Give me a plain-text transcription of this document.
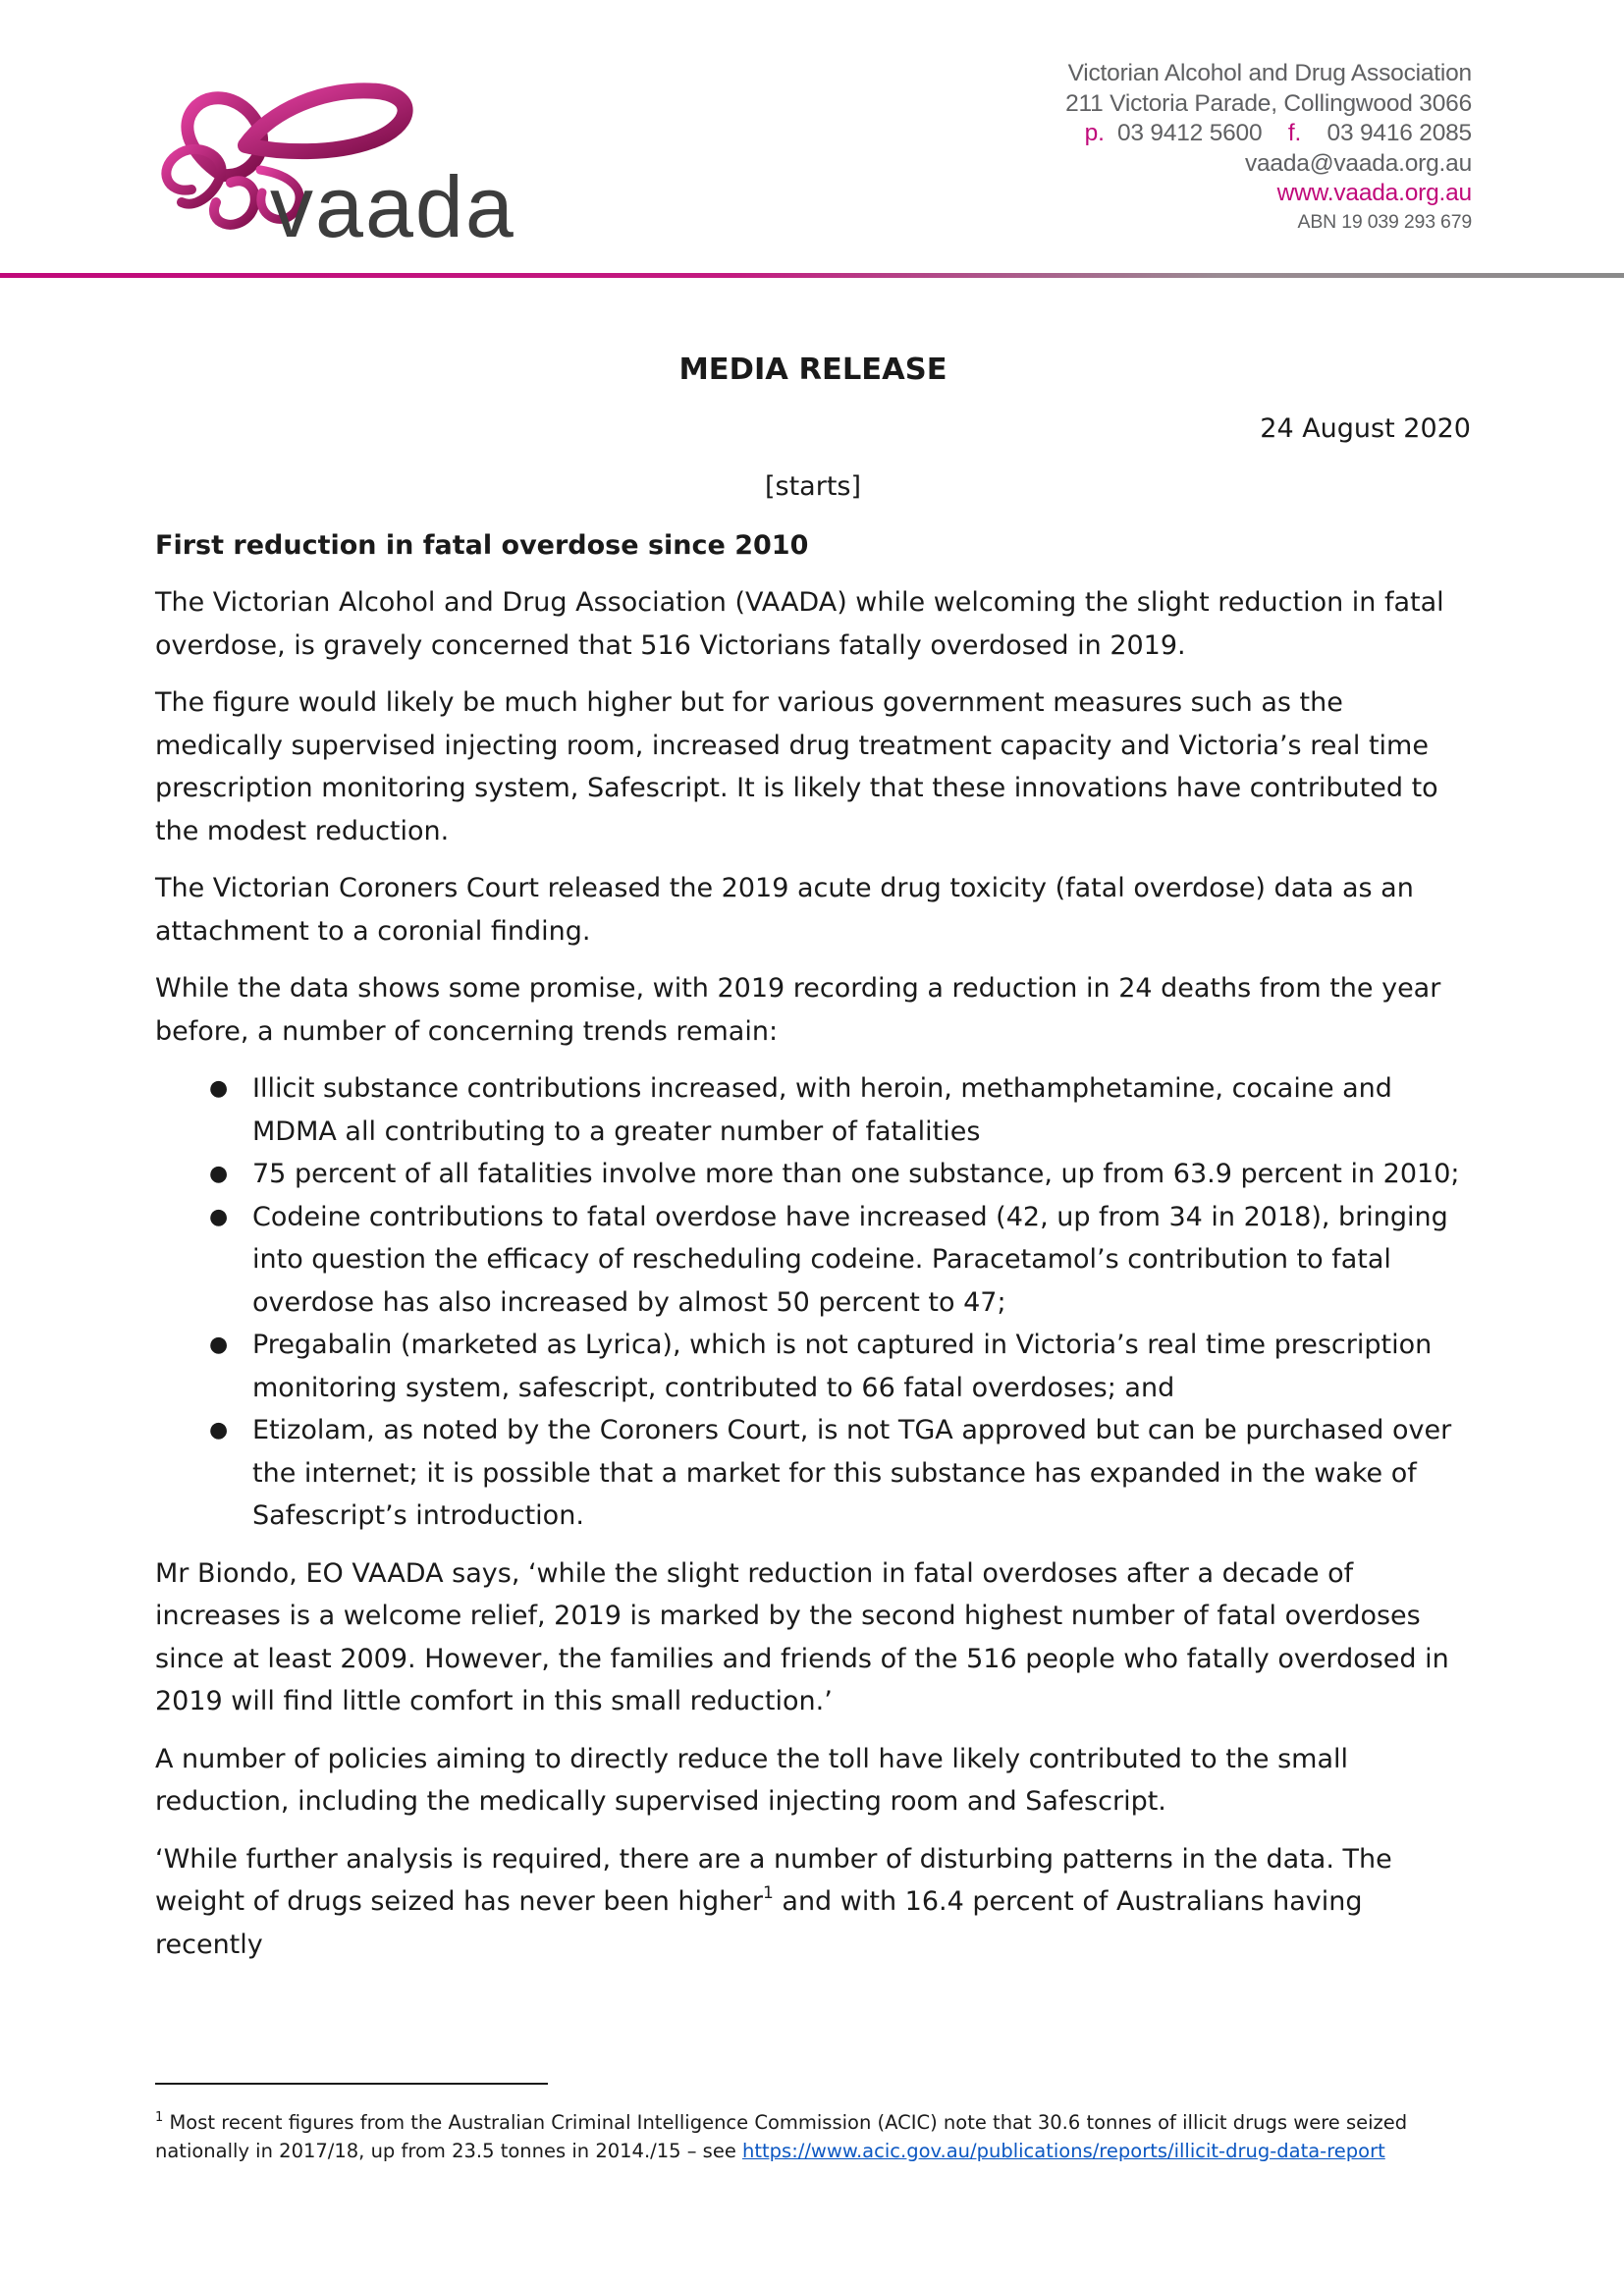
vaada
Victorian Alcohol and Drug Association
211 Victoria Parade, Collingwood 3066
p. 03 9412 5600 f. 03 9416 2085
vaada@vaada.org.au
www.vaada.org.au
ABN 19 039 293 679

MEDIA RELEASE

24 August 2020

[starts]

First reduction in fatal overdose since 2010

The Victorian Alcohol and Drug Association (VAADA) while welcoming the slight reduction in fatal overdose, is gravely concerned that 516 Victorians fatally overdosed in 2019.

The figure would likely be much higher but for various government measures such as the medically supervised injecting room, increased drug treatment capacity and Victoria’s real time prescription monitoring system, Safescript. It is likely that these innovations have contributed to the modest reduction.

The Victorian Coroners Court released the 2019 acute drug toxicity (fatal overdose) data as an attachment to a coronial finding.

While the data shows some promise, with 2019 recording a reduction in 24 deaths from the year before, a number of concerning trends remain:

● Illicit substance contributions increased, with heroin, methamphetamine, cocaine and MDMA all contributing to a greater number of fatalities
● 75 percent of all fatalities involve more than one substance, up from 63.9 percent in 2010;
● Codeine contributions to fatal overdose have increased (42, up from 34 in 2018), bringing into question the efficacy of rescheduling codeine. Paracetamol’s contribution to fatal overdose has also increased by almost 50 percent to 47;
● Pregabalin (marketed as Lyrica), which is not captured in Victoria’s real time prescription monitoring system, safescript, contributed to 66 fatal overdoses; and
● Etizolam, as noted by the Coroners Court, is not TGA approved but can be purchased over the internet; it is possible that a market for this substance has expanded in the wake of Safescript’s introduction.

Mr Biondo, EO VAADA says, ‘while the slight reduction in fatal overdoses after a decade of increases is a welcome relief, 2019 is marked by the second highest number of fatal overdoses since at least 2009. However, the families and friends of the 516 people who fatally overdosed in 2019 will find little comfort in this small reduction.’

A number of policies aiming to directly reduce the toll have likely contributed to the small reduction, including the medically supervised injecting room and Safescript.

‘While further analysis is required, there are a number of disturbing patterns in the data. The weight of drugs seized has never been higher$^1$ and with 16.4 percent of Australians having recently

$^1$ Most recent figures from the Australian Criminal Intelligence Commission (ACIC) note that 30.6 tonnes of illicit drugs were seized nationally in 2017/18, up from 23.5 tonnes in 2014./15 – see https://www.acic.gov.au/publications/reports/illicit-drug-data-report
